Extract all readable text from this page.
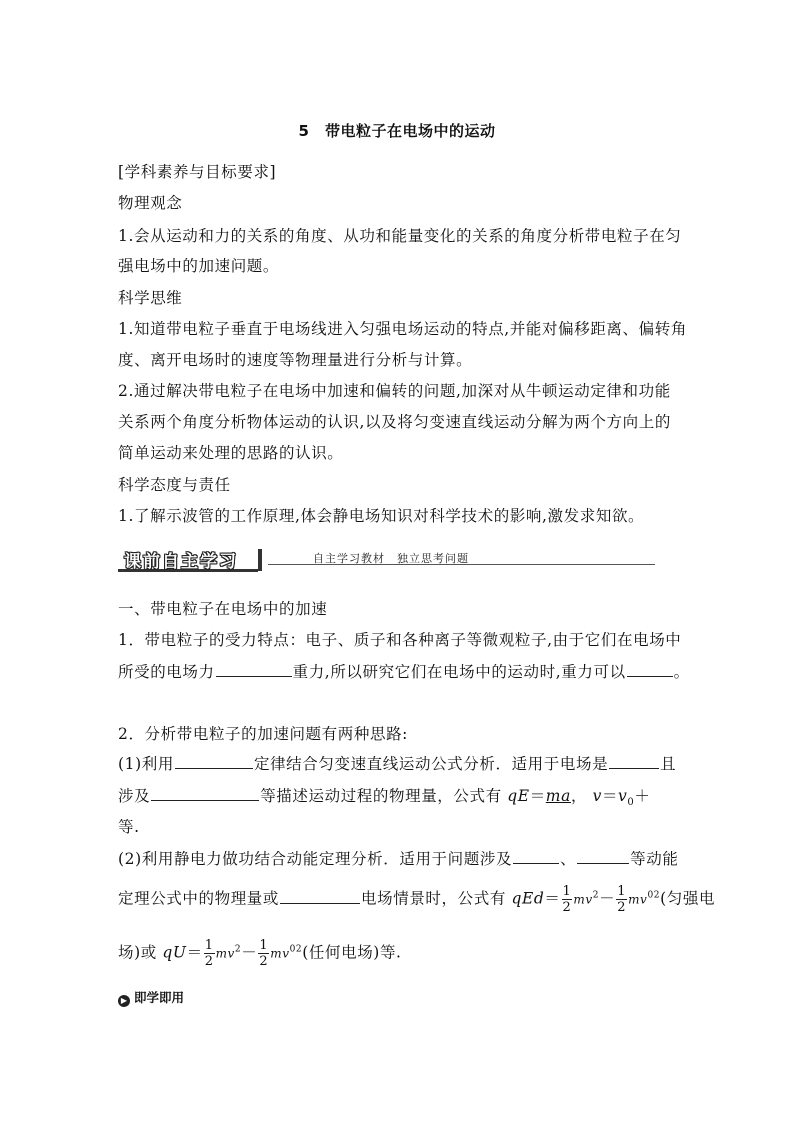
5　带电粒子在电场中的运动
[学科素养与目标要求]
物理观念
1.会从运动和力的关系的角度、从功和能量变化的关系的角度分析带电粒子在匀
强电场中的加速问题。
科学思维
1.知道带电粒子垂直于电场线进入匀强电场运动的特点,并能对偏移距离、偏转角
度、离开电场时的速度等物理量进行分析与计算。
2.通过解决带电粒子在电场中加速和偏转的问题,加深对从牛顿运动定律和功能
关系两个角度分析物体运动的认识,以及将匀变速直线运动分解为两个方向上的
简单运动来处理的思路的认识。
科学态度与责任
1.了解示波管的工作原理,体会静电场知识对科学技术的影响,激发求知欲。
课前自主学习	自主学习教材　独立思考问题
一、带电粒子在电场中的加速
1．带电粒子的受力特点：电子、质子和各种离子等微观粒子,由于它们在电场中
所受的电场力	重力,所以研究它们在电场中的运动时,重力可以	。
2．分析带电粒子的加速问题有两种思路:
(1)利用	定律结合匀变速直线运动公式分析．适用于电场是	且
涉及	等描述运动过程的物理量，公式有 qE＝ma， $v=v_0+$
等.
(2)利用静电力做功结合动能定理分析．适用于问题涉及	、	等动能
定理公式中的物理量或	电场情景时，公式有 $qEd= \frac{1}{2} mv^2- \frac{1}{2} mv^{02}$(匀强电
场)或 $qU= \frac{1}{2} mv^2- \frac{1}{2} mv^{02}$(任何电场)等.
▶ 即学即用
